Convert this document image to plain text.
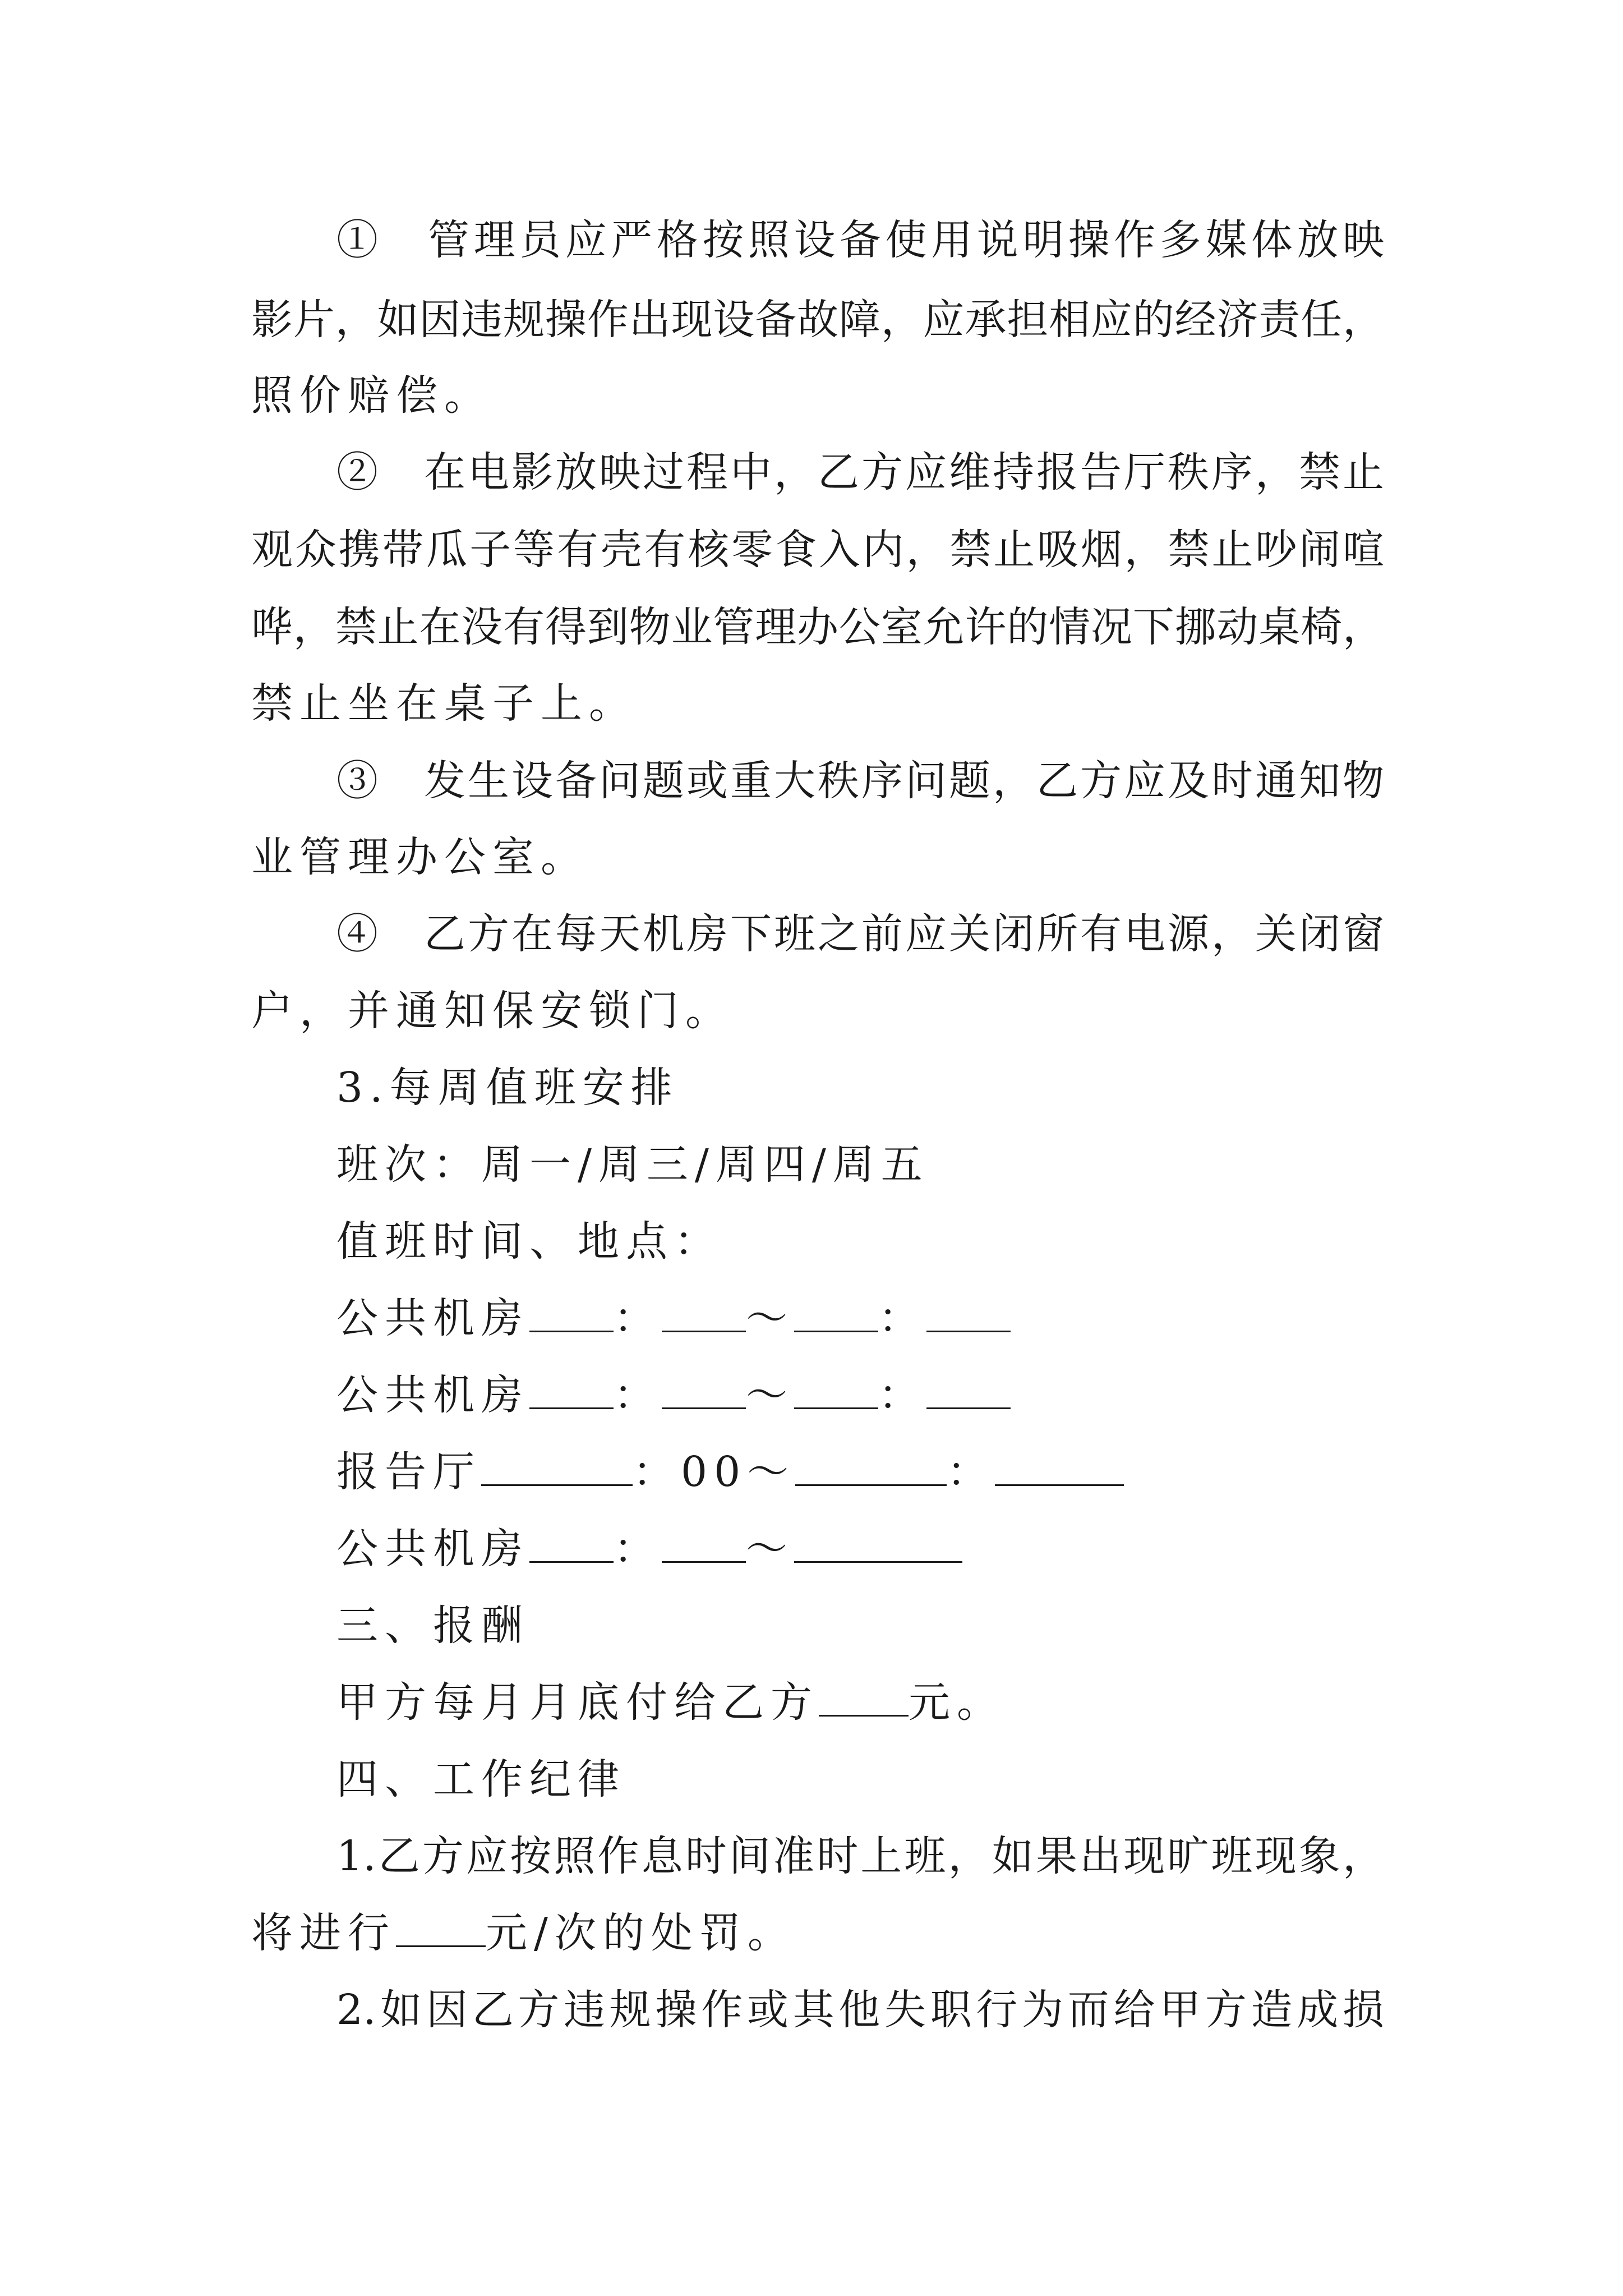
①　管理员应严格按照设备使用说明操作多媒体放映
影片，如因违规操作出现设备故障，应承担相应的经济责任，
照价赔偿。
②　在电影放映过程中，乙方应维持报告厅秩序，禁止
观众携带瓜子等有壳有核零食入内，禁止吸烟，禁止吵闹喧
哗，禁止在没有得到物业管理办公室允许的情况下挪动桌椅，
禁止坐在桌子上。
③　发生设备问题或重大秩序问题，乙方应及时通知物
业管理办公室。
④　乙方在每天机房下班之前应关闭所有电源，关闭窗
户，并通知保安锁门。
3.每周值班安排
班次：周一/周三/周四/周五
值班时间、地点：
公共机房 ： ～ ：
公共机房 ： ～ ：
报告厅	：00～	：
公共机房 ： ～
三、报酬
甲方每月月底付给乙方 元。
四、工作纪律
1.乙方应按照作息时间准时上班，如果出现旷班现象，
将进行 元/次的处罚。
2.如因乙方违规操作或其他失职行为而给甲方造成损
